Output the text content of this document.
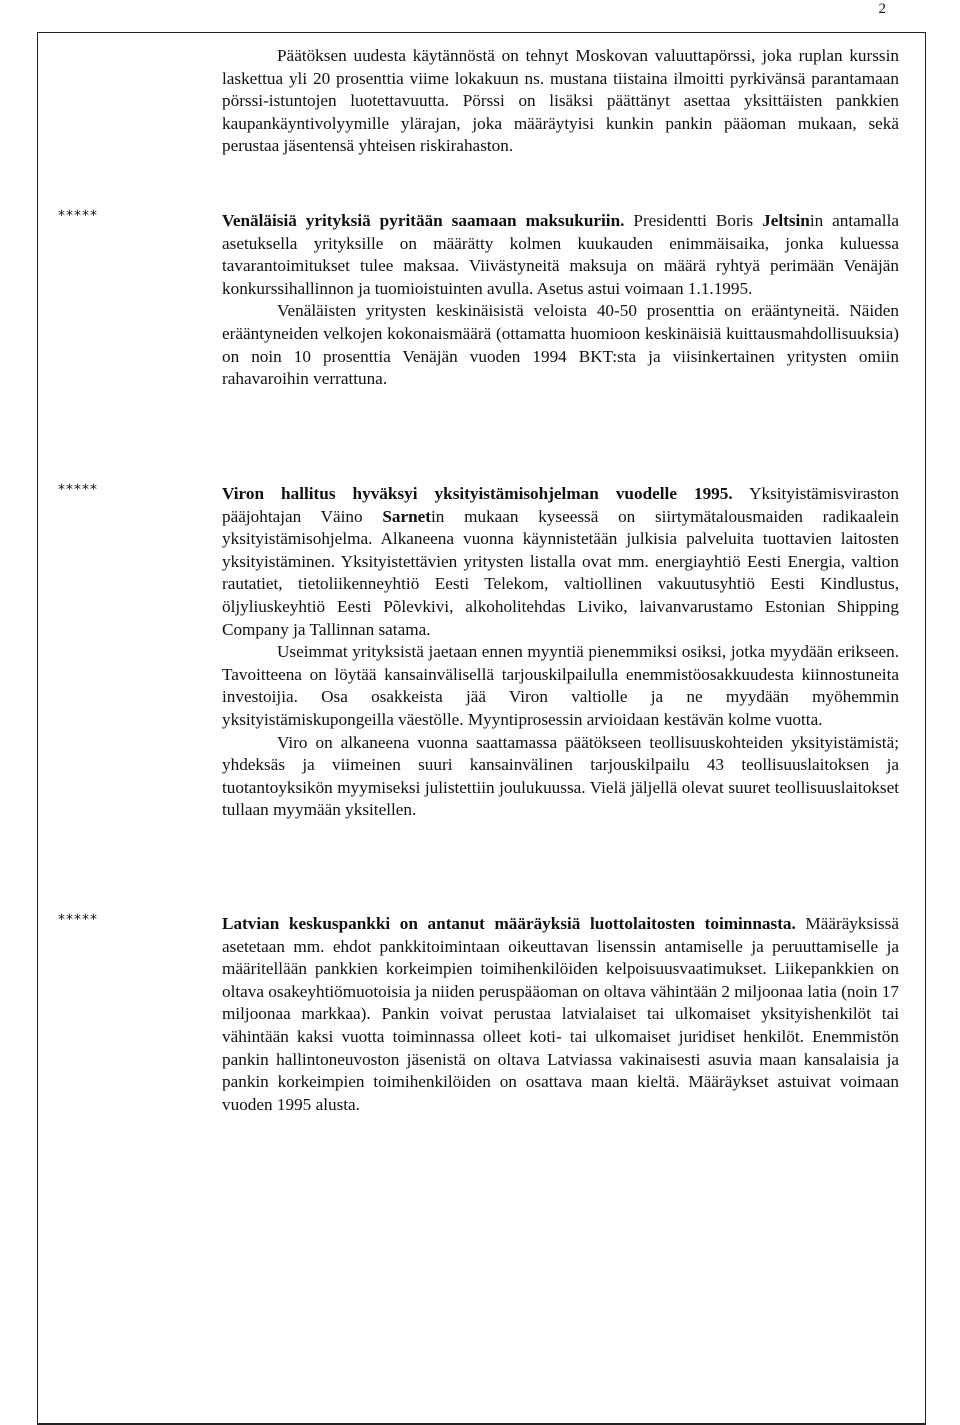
2

Päätöksen uudesta käytännöstä on tehnyt Moskovan valuuttapörssi, joka ruplan kurssin laskettua yli 20 prosenttia viime lokakuun ns. mustana tiistaina ilmoitti pyrkivänsä parantamaan pörssi-istuntojen luotettavuutta. Pörssi on lisäksi päättänyt asettaa yksittäisten pankkien kaupankäyntivolyymille ylärajan, joka määräytyisi kunkin pankin pääoman mukaan, sekä perustaa jäsentensä yhteisen riskirahaston.

*****	Venäläisiä yrityksiä pyritään saamaan maksukuriin. Presidentti Boris Jeltsinin antamalla asetuksella yrityksille on määrätty kolmen kuukauden enimmäisaika, jonka kuluessa tavarantoimitukset tulee maksaa. Viivästyneitä maksuja on määrä ryhtyä perimään Venäjän konkurssihallinnon ja tuomioistuinten avulla. Asetus astui voimaan 1.1.1995.

Venäläisten yritysten keskinäisistä veloista 40-50 prosenttia on erääntyneitä. Näiden erääntyneiden velkojen kokonaismäärä (ottamatta huomioon keskinäisiä kuittausmahdollisuuksia) on noin 10 prosenttia Venäjän vuoden 1994 BKT:sta ja viisinkertainen yritysten omiin rahavaroihin verrattuna.

*****	Viron hallitus hyväksyi yksityistämisohjelman vuodelle 1995. Yksityistämisviraston pääjohtajan Väino Sarnetin mukaan kyseessä on siirtymätalousmaiden radikaalein yksityistämisohjelma. Alkaneena vuonna käynnistetään julkisia palveluita tuottavien laitosten yksityistäminen. Yksityistettävien yritysten listalla ovat mm. energiayhtiö Eesti Energia, valtion rautatiet, tietoliikenneyhtiö Eesti Telekom, valtiollinen vakuutusyhtiö Eesti Kindlustus, öljyliuskeyhtiö Eesti Põlevkivi, alkoholitehdas Liviko, laivanvarustamo Estonian Shipping Company ja Tallinnan satama.

Useimmat yrityksistä jaetaan ennen myyntiä pienemmiksi osiksi, jotka myydään erikseen. Tavoitteena on löytää kansainvälisellä tarjouskilpailulla enemmistöosakkuudesta kiinnostuneita investoijia. Osa osakkeista jää Viron valtiolle ja ne myydään myöhemmin yksityistämiskupongeilla väestölle. Myyntiprosessin arvioidaan kestävän kolme vuotta.

Viro on alkaneena vuonna saattamassa päätökseen teollisuuskohteiden yksityistämistä; yhdeksäs ja viimeinen suuri kansainvälinen tarjouskilpailu 43 teollisuuslaitoksen ja tuotantoyksikön myymiseksi julistettiin joulukuussa. Vielä jäljellä olevat suuret teollisuuslaitokset tullaan myymään yksitellen.

*****	Latvian keskuspankki on antanut määräyksiä luottolaitosten toiminnasta. Määräyksissä asetetaan mm. ehdot pankkitoimintaan oikeuttavan lisenssin antamiselle ja peruuttamiselle ja määritellään pankkien korkeimpien toimihenkilöiden kelpoisuusvaatimukset. Liikepankkien on oltava osakeyhtiömuotoisia ja niiden peruspääoman on oltava vähintään 2 miljoonaa latia (noin 17 miljoonaa markkaa). Pankin voivat perustaa latvialaiset tai ulkomaiset yksityishenkilöt tai vähintään kaksi vuotta toiminnassa olleet koti- tai ulkomaiset juridiset henkilöt. Enemmistön pankin hallintoneuvoston jäsenistä on oltava Latviassa vakinaisesti asuvia maan kansalaisia ja pankin korkeimpien toimihenkilöiden on osattava maan kieltä. Määräykset astuivat voimaan vuoden 1995 alusta.
